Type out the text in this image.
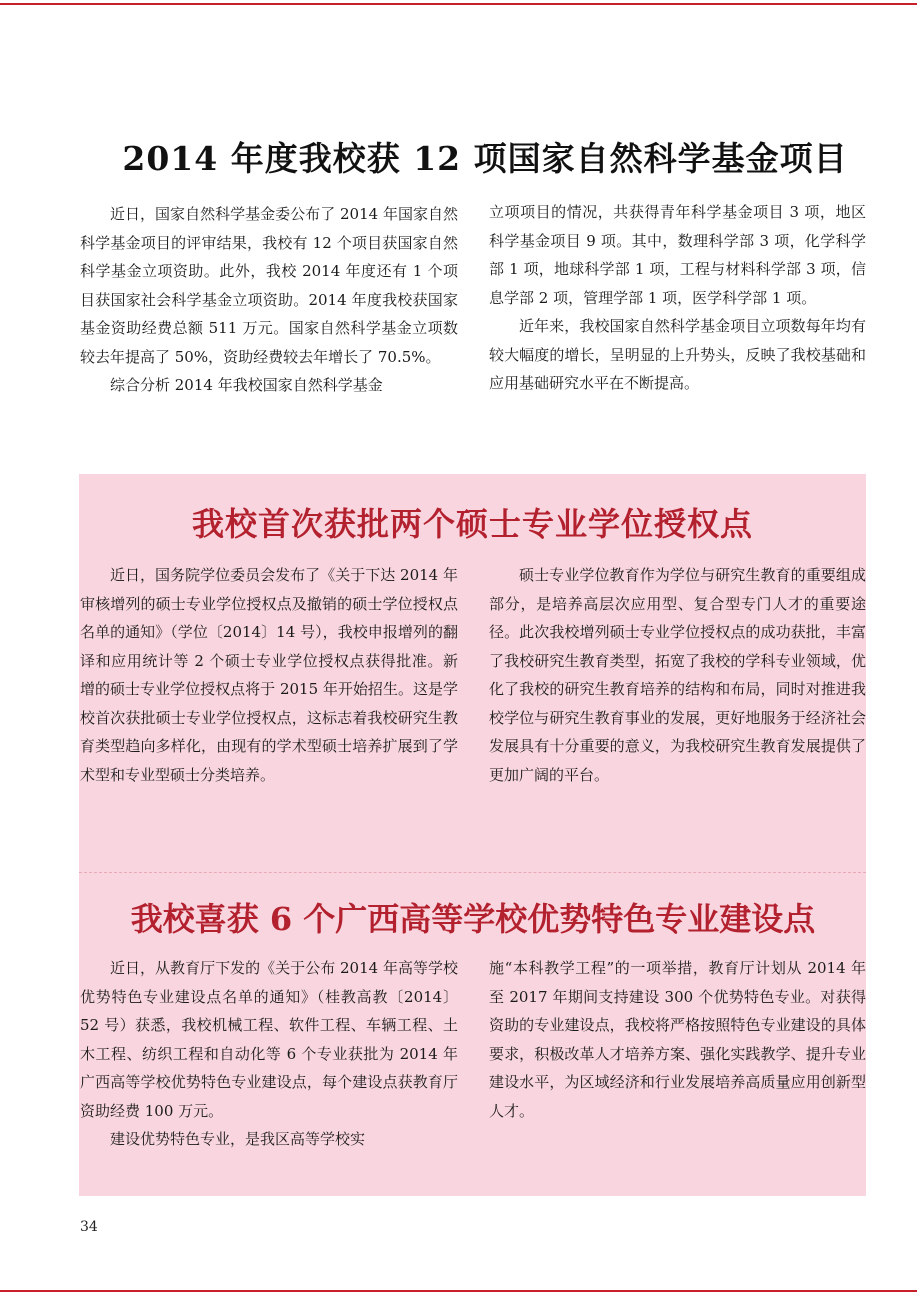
2014 年度我校获 12 项国家自然科学基金项目

近日，国家自然科学基金委公布了 2014 年国家自然科学基金项目的评审结果，我校有 12 个项目获国家自然科学基金立项资助。此外，我校 2014 年度还有 1 个项目获国家社会科学基金立项资助。2014 年度我校获国家基金资助经费总额 511 万元。国家自然科学基金立项数较去年提高了 50%，资助经费较去年增长了 70.5%。

综合分析 2014 年我校国家自然科学基金

立项项目的情况，共获得青年科学基金项目 3 项，地区科学基金项目 9 项。其中，数理科学部 3 项，化学科学部 1 项，地球科学部 1 项，工程与材料科学部 3 项，信息学部 2 项，管理学部 1 项，医学科学部 1 项。

近年来，我校国家自然科学基金项目立项数每年均有较大幅度的增长，呈明显的上升势头，反映了我校基础和应用基础研究水平在不断提高。

我校首次获批两个硕士专业学位授权点

近日，国务院学位委员会发布了《关于下达 2014 年审核增列的硕士专业学位授权点及撤销的硕士学位授权点名单的通知》（学位〔2014〕14 号），我校申报增列的翻译和应用统计等 2 个硕士专业学位授权点获得批准。新增的硕士专业学位授权点将于 2015 年开始招生。这是学校首次获批硕士专业学位授权点，这标志着我校研究生教育类型趋向多样化，由现有的学术型硕士培养扩展到了学术型和专业型硕士分类培养。

硕士专业学位教育作为学位与研究生教育的重要组成部分，是培养高层次应用型、复合型专门人才的重要途径。此次我校增列硕士专业学位授权点的成功获批，丰富了我校研究生教育类型，拓宽了我校的学科专业领域，优化了我校的研究生教育培养的结构和布局，同时对推进我校学位与研究生教育事业的发展，更好地服务于经济社会发展具有十分重要的意义，为我校研究生教育发展提供了更加广阔的平台。

我校喜获 6 个广西高等学校优势特色专业建设点

近日，从教育厅下发的《关于公布 2014 年高等学校优势特色专业建设点名单的通知》（桂教高教〔2014〕52 号）获悉，我校机械工程、软件工程、车辆工程、土木工程、纺织工程和自动化等 6 个专业获批为 2014 年广西高等学校优势特色专业建设点，每个建设点获教育厅资助经费 100 万元。

建设优势特色专业，是我区高等学校实

施“本科教学工程”的一项举措，教育厅计划从 2014 年至 2017 年期间支持建设 300 个优势特色专业。对获得资助的专业建设点，我校将严格按照特色专业建设的具体要求，积极改革人才培养方案、强化实践教学、提升专业建设水平，为区域经济和行业发展培养高质量应用创新型人才。

34
